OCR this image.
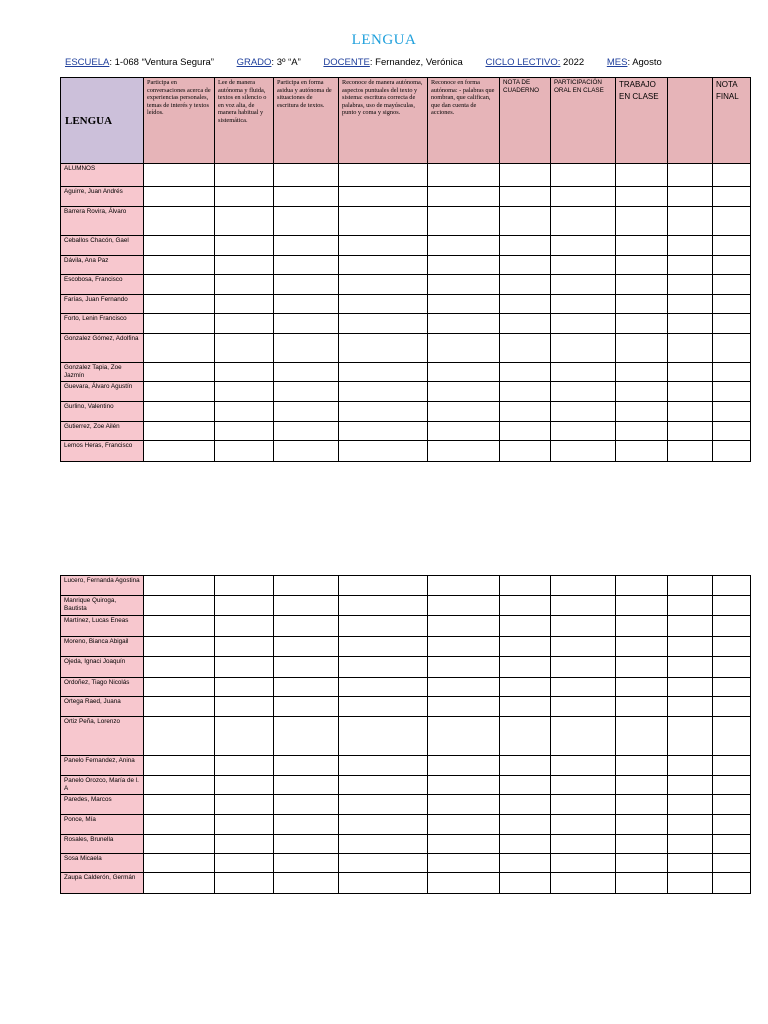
LENGUA
ESCUELA: 1-068 “Ventura Segura” GRADO: 3º “A” DOCENTE: Fernandez, Verónica CICLO LECTIVO: 2022 MES: Agosto
LENGUA	Participa en conversaciones acerca de experiencias personales, temas de interés y textos leídos.	Lee de manera autónoma y fluida, textos en silencio o en voz alta, de manera habitual y sistemática.	Participa en forma asidua y autónoma de situaciones de escritura de textos.	Reconoce de manera autónoma, aspectos puntuales del texto y sistema: escritura correcta de palabras, uso de mayúsculas, punto y coma y signos.	Reconoce en forma autónoma: - palabras que nombran, que califican, que dan cuenta de acciones.	NOTA DE CUADERNO	PARTICIPACIÓN ORAL EN CLASE	TRABAJO EN CLASE		NOTA FINAL

ALUMNOS										
Aguirre, Juan Andrés										
Barrera Rovira, Álvaro										
Ceballos Chacón, Gael										
Dávila, Ana Paz										
Escobosa, Francisco										
Farías, Juan Fernando										
Forto, Lenin Francisco										
Gonzalez Gómez, Adolfina										
Gonzalez Tapia, Zoe Jazmín										
Guevara, Álvaro Agustín										
Gurlino, Valentino										
Gutierrez, Zoe Ailén										
Lemos Heras, Francisco										
Lucero, Fernanda Agostina										
Manrique Quiroga, Bautista										
Martínez, Lucas Eneas										
Moreno, Bianca Abigail										
Ojeda, Ignaci Joaquín										
Ordoñez, Tiago Nicolás										
Ortega Raed, Juana										
Ortiz Peña, Lorenzo										
Panelo Fernandez, Anina										
Panelo Orozco, María de l. A										
Paredes, Marcos										
Ponce, Mía										
Rosales, Brunella										
Sosa Micaela										
Zaupa Calderón, Germán										
